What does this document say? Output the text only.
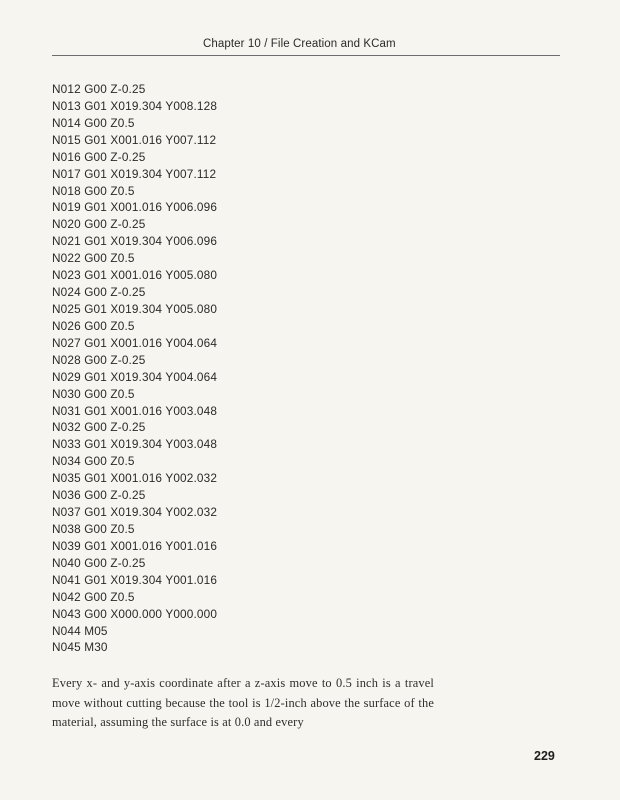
Chapter 10 / File Creation and KCam
N012 G00 Z-0.25
N013 G01 X019.304 Y008.128
N014 G00 Z0.5
N015 G01 X001.016 Y007.112
N016 G00 Z-0.25
N017 G01 X019.304 Y007.112
N018 G00 Z0.5
N019 G01 X001.016 Y006.096
N020 G00 Z-0.25
N021 G01 X019.304 Y006.096
N022 G00 Z0.5
N023 G01 X001.016 Y005.080
N024 G00 Z-0.25
N025 G01 X019.304 Y005.080
N026 G00 Z0.5
N027 G01 X001.016 Y004.064
N028 G00 Z-0.25
N029 G01 X019.304 Y004.064
N030 G00 Z0.5
N031 G01 X001.016 Y003.048
N032 G00 Z-0.25
N033 G01 X019.304 Y003.048
N034 G00 Z0.5
N035 G01 X001.016 Y002.032
N036 G00 Z-0.25
N037 G01 X019.304 Y002.032
N038 G00 Z0.5
N039 G01 X001.016 Y001.016
N040 G00 Z-0.25
N041 G01 X019.304 Y001.016
N042 G00 Z0.5
N043 G00 X000.000 Y000.000
N044 M05
N045 M30

Every x- and y-axis coordinate after a z-axis move to 0.5 inch is a travel move without cutting because the tool is 1/2-inch above the surface of the material, assuming the surface is at 0.0 and every

229
